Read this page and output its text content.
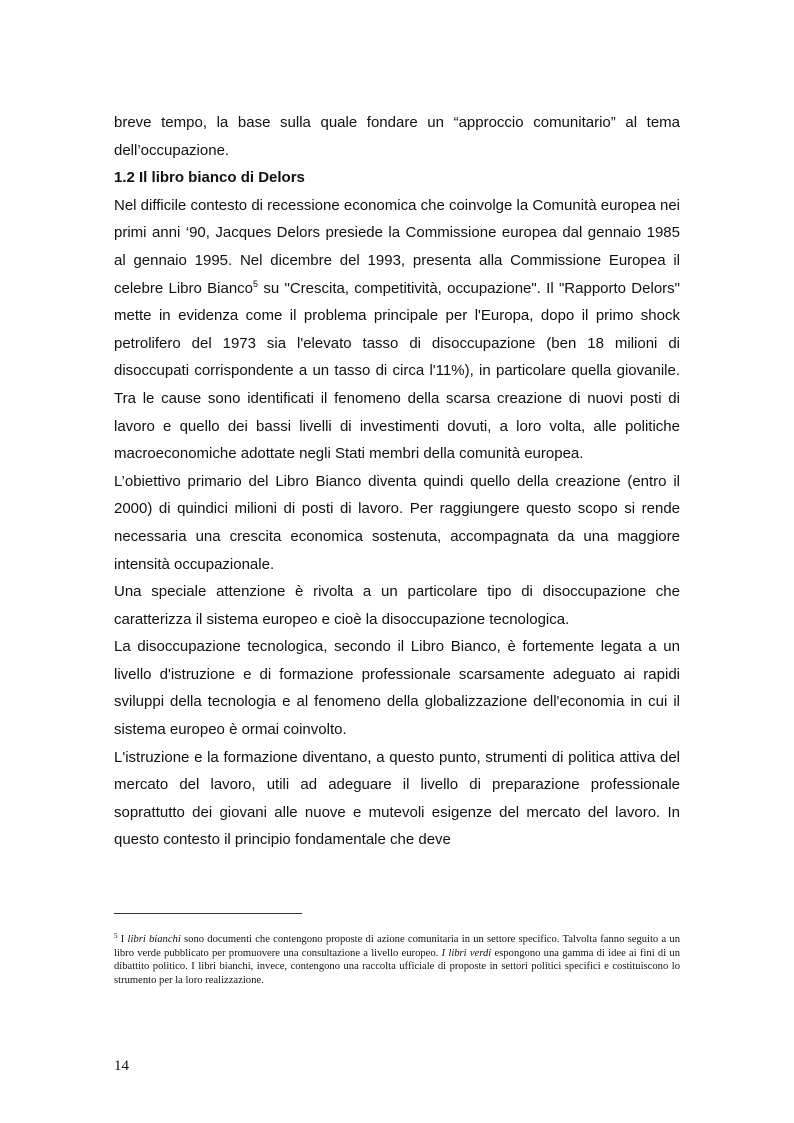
breve tempo, la base sulla quale fondare un “approccio comunitario” al tema dell’occupazione.

1.2 Il libro bianco di Delors

Nel difficile contesto di recessione economica che coinvolge la Comunità europea nei primi anni ‘90, Jacques Delors presiede la Commissione europea dal gennaio 1985 al gennaio 1995. Nel dicembre del 1993, presenta alla Commissione Europea il celebre Libro Bianco$^5$ su "Crescita, competitività, occupazione". Il "Rapporto Delors" mette in evidenza come il problema principale per l'Europa, dopo il primo shock petrolifero del 1973 sia l'elevato tasso di disoccupazione (ben 18 milioni di disoccupati corrispondente a un tasso di circa l'11%), in particolare quella giovanile. Tra le cause sono identificati il fenomeno della scarsa creazione di nuovi posti di lavoro e quello dei bassi livelli di investimenti dovuti, a loro volta, alle politiche macroeconomiche adottate negli Stati membri della comunità europea.

L’obiettivo primario del Libro Bianco diventa quindi quello della creazione (entro il 2000) di quindici milioni di posti di lavoro. Per raggiungere questo scopo si rende necessaria una crescita economica sostenuta, accompagnata da una maggiore intensità occupazionale.

Una speciale attenzione è rivolta a un particolare tipo di disoccupazione che caratterizza il sistema europeo e cioè la disoccupazione tecnologica.

La disoccupazione tecnologica, secondo il Libro Bianco, è fortemente legata a un livello d'istruzione e di formazione professionale scarsamente adeguato ai rapidi sviluppi della tecnologia e al fenomeno della globalizzazione dell'economia in cui il sistema europeo è ormai coinvolto.

L'istruzione e la formazione diventano, a questo punto, strumenti di politica attiva del mercato del lavoro, utili ad adeguare il livello di preparazione professionale soprattutto dei giovani alle nuove e mutevoli esigenze del mercato del lavoro. In questo contesto il principio fondamentale che deve

$^5$ I libri bianchi sono documenti che contengono proposte di azione comunitaria in un settore specifico. Talvolta fanno seguito a un libro verde pubblicato per promuovere una consultazione a livello europeo. I libri verdi espongono una gamma di idee ai fini di un dibattito politico. I libri bianchi, invece, contengono una raccolta ufficiale di proposte in settori politici specifici e costituiscono lo strumento per la loro realizzazione.

14
